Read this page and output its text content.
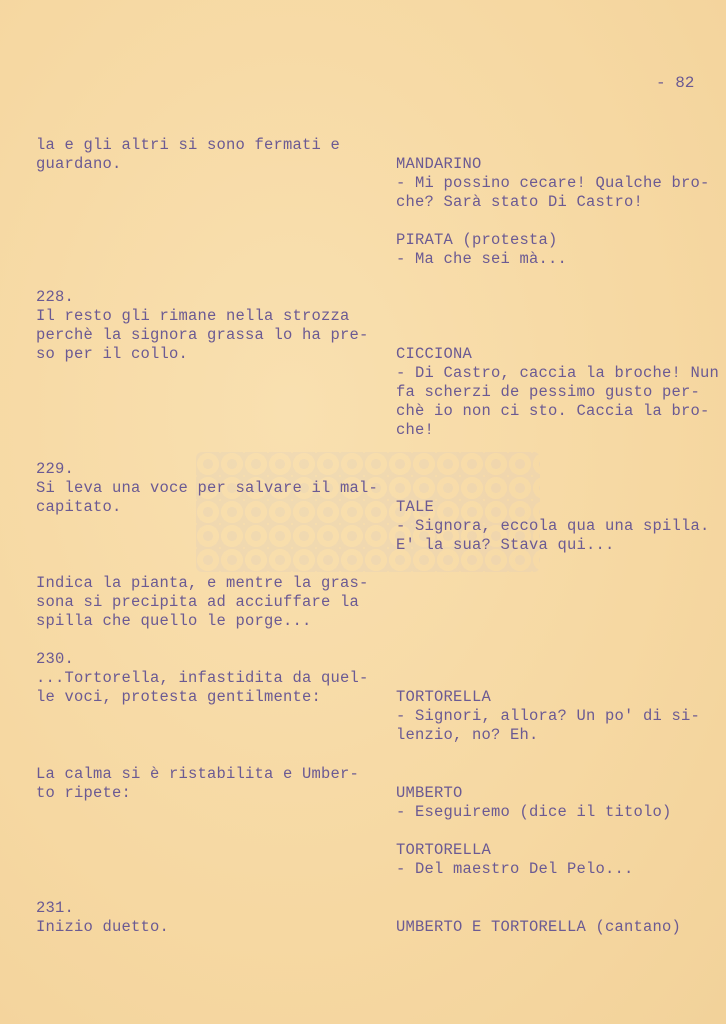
- 82
la e gli altri si sono fermati e
guardano.
228.
Il resto gli rimane nella strozza
perchè la signora grassa lo ha pre-
so per il collo.
229.
Si leva una voce per salvare il mal-
capitato.
Indica la pianta, e mentre la gras-
sona si precipita ad acciuffare la
spilla che quello le porge...
230.
...Tortorella, infastidita da quel-
le voci, protesta gentilmente:
La calma si è ristabilita e Umber-
to ripete:
231.
Inizio duetto.
MANDARINO
- Mi possino cecare! Qualche bro-
che? Sarà stato Di Castro!
PIRATA (protesta)
- Ma che sei mà...
CICCIONA
- Di Castro, caccia la broche! Nun
fa scherzi de pessimo gusto per-
chè io non ci sto. Caccia la bro-
che!
TALE
- Signora, eccola qua una spilla.
E' la sua? Stava qui...
TORTORELLA
- Signori, allora? Un po' di si-
lenzio, no? Eh.
UMBERTO
- Eseguiremo (dice il titolo)
TORTORELLA
- Del maestro Del Pelo...
UMBERTO E TORTORELLA (cantano)
